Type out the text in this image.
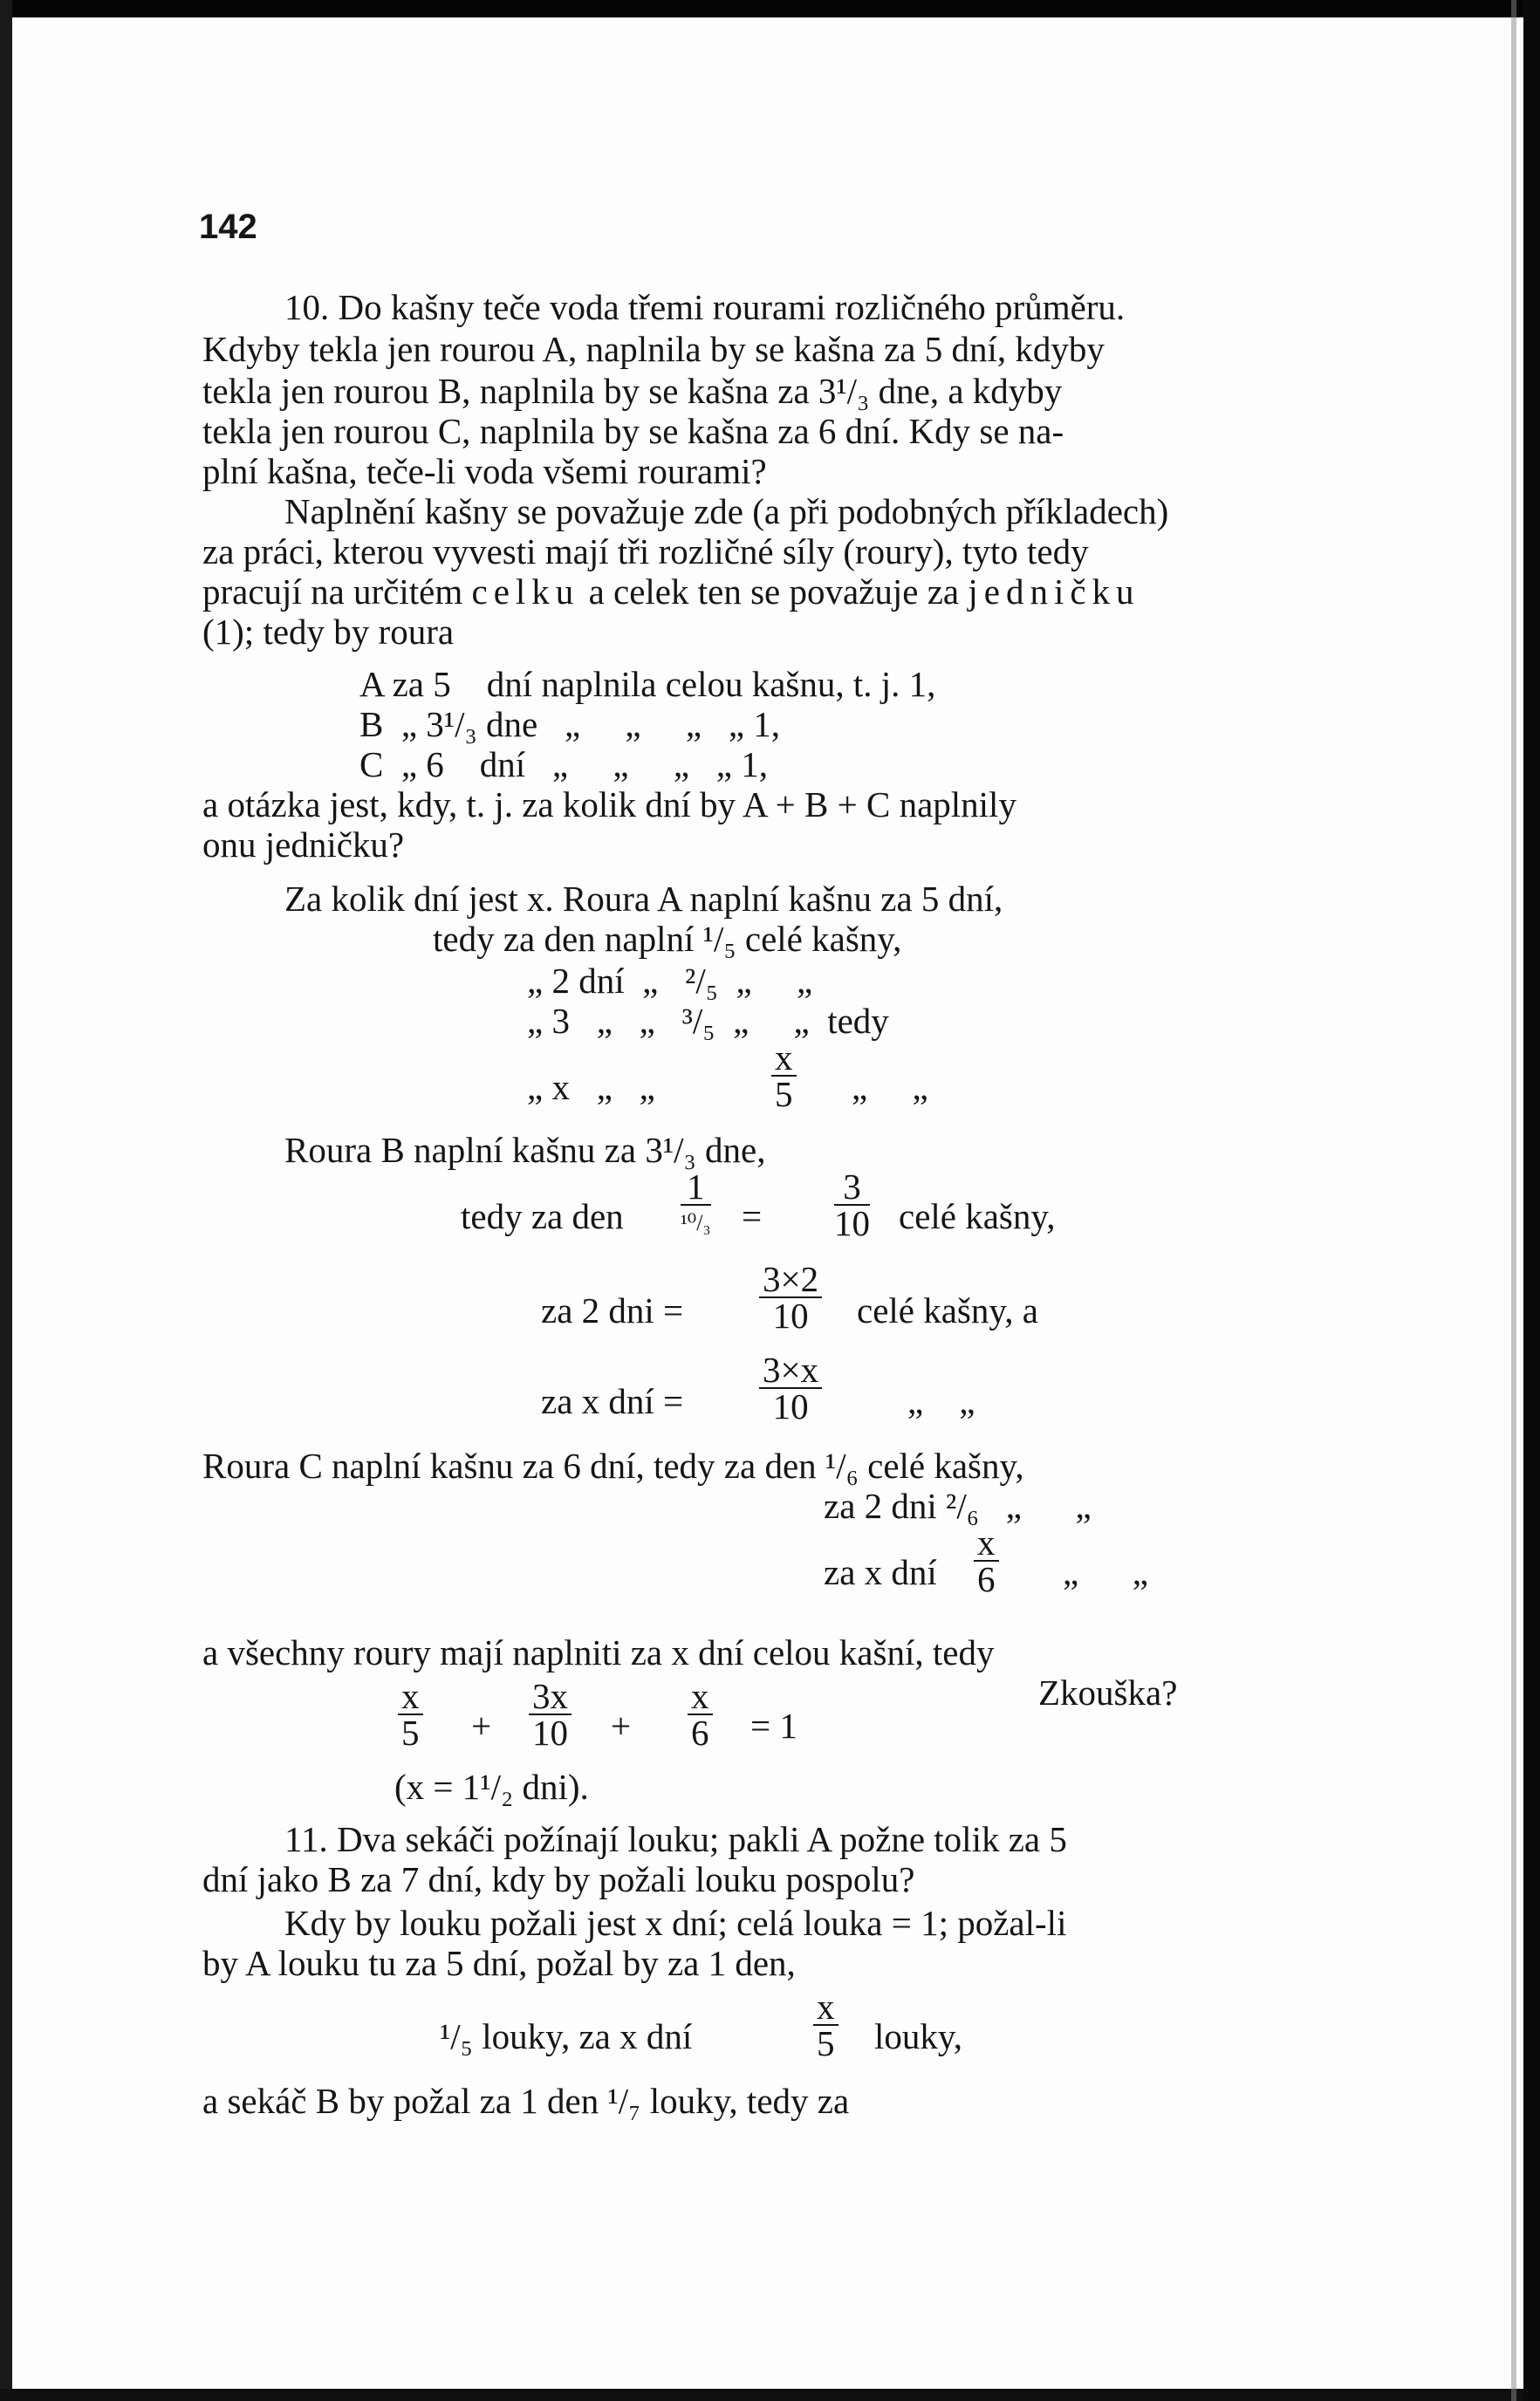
142
10. Do kašny teče voda třemi rourami rozličného průměru.
Kdyby tekla jen rourou A, naplnila by se kašna za 5 dní, kdyby
tekla jen rourou B, naplnila by se kašna za 3¹/₃ dne, a kdyby
tekla jen rourou C, naplnila by se kašna za 6 dní. Kdy se na-
plní kašna, teče-li voda všemi rourami?
Naplnění kašny se považuje zde (a při podobných příkladech)
za práci, kterou vyvesti mají tři rozličné síly (roury), tyto tedy
pracují na určitém celku a celek ten se považuje za jedničku
(1); tedy by roura
A za 5    dní naplnila celou kašnu, t. j. 1,
B  „ 3¹/₃ dne   „     „     „   „ 1,
C  „ 6    dní   „     „     „   „ 1,
a otázka jest, kdy, t. j. za kolik dní by A + B + C naplnily
onu jedničku?
Za kolik dní jest x. Roura A naplní kašnu za 5 dní,
tedy za den naplní ¹/₅ celé kašny,
„ 2 dní  „   ²/₅  „     „
„ 3   „   „   ³/₅  „     „  tedy
„ x   „   „	$\frac{x}{5}$ „     „
Roura B naplní kašnu za 3¹/₃ dne,
tedy za den
1
$^{10}/_3 = \frac{3}{10}$ celé kašny,
za 2 dni = $\frac{3\times 2}{10}$ celé kašny, a
za x dní = $\frac{3\times x}{10}$ „    „
Roura C naplní kašnu za 6 dní, tedy za den ¹/₆ celé kašny,
za 2 dni ²/₆   „      „
za x dní $\frac{x}{6}$ „      „
a všechny roury mají naplniti za x dní celou kašní, tedy
Zkouška?
$\frac{x}{5} + \frac{3x}{10} + \frac{x}{6} = 1$
(x = 1¹/₂ dni).
11. Dva sekáči požínají louku; pakli A požne tolik za 5
dní jako B za 7 dní, kdy by požali louku pospolu?
Kdy by louku požali jest x dní; celá louka = 1; požal-li
by A louku tu za 5 dní, požal by za 1 den,
¹/₅ louky, za x dní	$\frac{x}{5}$ louky,
a sekáč B by požal za 1 den ¹/₇ louky, tedy za
